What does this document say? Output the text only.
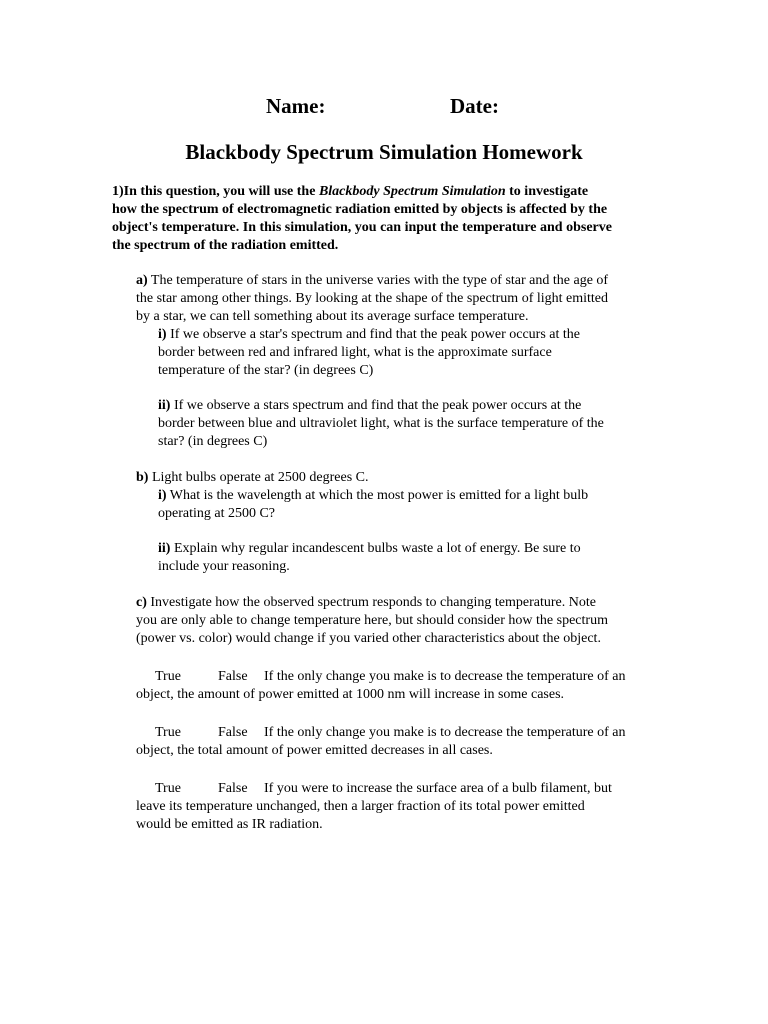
Name:	Date:
Blackbody Spectrum Simulation Homework

1)In this question, you will use the Blackbody Spectrum Simulation to investigate

how the spectrum of electromagnetic radiation emitted by objects is affected by the

object's temperature. In this simulation, you can input the temperature and observe

the spectrum of the radiation emitted.

a) The temperature of stars in the universe varies with the type of star and the age of

the star among other things. By looking at the shape of the spectrum of light emitted

by a star, we can tell something about its average surface temperature.

i) If we observe a star's spectrum and find that the peak power occurs at the

border between red and infrared light, what is the approximate surface

temperature of the star? (in degrees C)

ii) If we observe a stars spectrum and find that the peak power occurs at the

border between blue and ultraviolet light, what is the surface temperature of the

star? (in degrees C)

b) Light bulbs operate at 2500 degrees C.

i) What is the wavelength at which the most power is emitted for a light bulb

operating at 2500 C?

ii) Explain why regular incandescent bulbs waste a lot of energy. Be sure to

include your reasoning.

c) Investigate how the observed spectrum responds to changing temperature. Note

you are only able to change temperature here, but should consider how the spectrum

(power vs. color) would change if you varied other characteristics about the object.

True	False If the only change you make is to decrease the temperature of an

object, the amount of power emitted at 1000 nm will increase in some cases.

True	False If the only change you make is to decrease the temperature of an

object, the total amount of power emitted decreases in all cases.

True	False If you were to increase the surface area of a bulb filament, but

leave its temperature unchanged, then a larger fraction of its total power emitted

would be emitted as IR radiation.
